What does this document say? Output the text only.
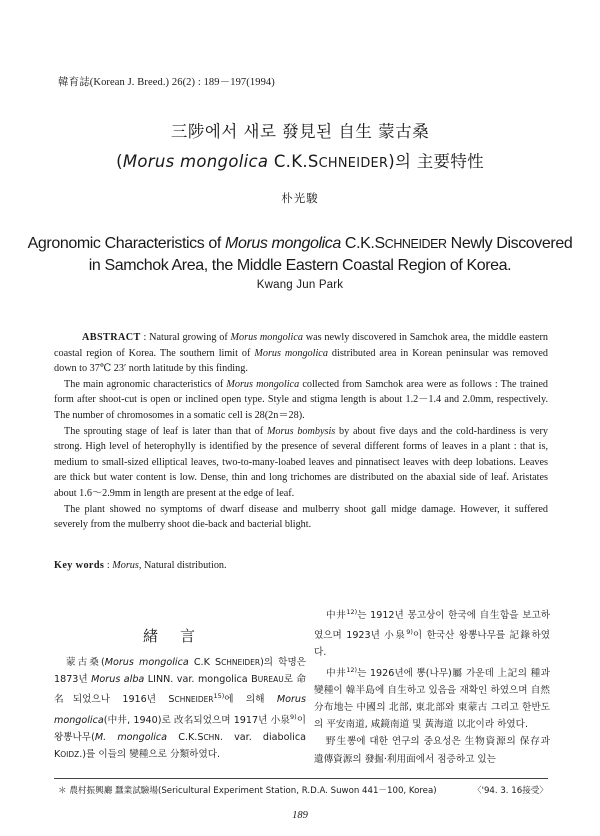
韓育誌(Korean J. Breed.) 26(2) : 189－197(1994)
三陟에서 새로 發見된 自生 蒙古桑
(Morus mongolica C.K.SCHNEIDER)의 主要特性
朴光駿
Agronomic Characteristics of Morus mongolica C.K.SCHNEIDER Newly Discovered
in Samchok Area, the Middle Eastern Coastal Region of Korea.
Kwang Jun Park

ABSTRACT : Natural growing of Morus mongolica was newly discovered in Samchok area, the middle eastern coastal region of Korea. The southern limit of Morus mongolica distributed area in Korean peninsular was removed down to 37℃ 23′ north latitude by this finding.

The main agronomic characteristics of Morus mongolica collected from Samchok area were as follows : The trained form after shoot-cut is open or inclined open type. Style and stigma length is about 1.2－1.4 and 2.0mm, respectively. The number of chromosomes in a somatic cell is 28(2n＝28).

The sprouting stage of leaf is later than that of Morus bombysis by about five days and the cold-hardiness is very strong. High level of heterophylly is identified by the presence of several different forms of leaves in a plant : that is, medium to small-sized elliptical leaves, two-to-many-loabed leaves and pinnatisect leaves with deep lobations. Leaves are thick but water content is low. Dense, thin and long trichomes are distributed on the abaxial side of leaf. Aristates about 1.6～2.9mm in length are present at the edge of leaf.

The plant showed no symptoms of dwarf disease and mulberry shoot gall midge damage. However, it suffered severely from the mulberry shoot die-back and bacterial blight.

Key words : Morus, Natural distribution.
緖言

蒙古桑(Morus mongolica C.K SCHNEIDER)의 학명은 1873년 Morus alba LINN. var. mongolica BUREAU로 命名되었으나 1916년 SCHNEIDER$^{15)}$에 의해 Morus mongolica(中井, 1940)로 改名되었으며 1917년 小泉$^{9)}$이 왕뽕나무(M. mongolica C.K.SCHN. var. diabolica KOIDZ.)를 이들의 變種으로 分類하였다.

中井$^{12)}$는 1912년 몽고상이 한국에 自生함을 보고하였으며 1923년 小泉$^{9)}$이 한국산 왕뽕나무를 記錄하였다.

中井$^{12)}$는 1926년에 뽕(나무)屬 가운데 上記의 種과 變種이 韓半島에 自生하고 있음을 재확인 하였으며 自然分布地는 中國의 北部, 東北部와 東蒙古 그리고 한반도의 平安南道, 咸鏡南道 및 黃海道 以北이라 하였다.

野生뽕에 대한 연구의 중요성은 生物資源의 保存과 遺傳資源의 發掘·利用面에서 점증하고 있는

＊ 農村振興廳 蠶業試驗場(Sericultural Experiment Station, R.D.A. Suwon 441－100, Korea)	〈'94. 3. 16接受〉
189
